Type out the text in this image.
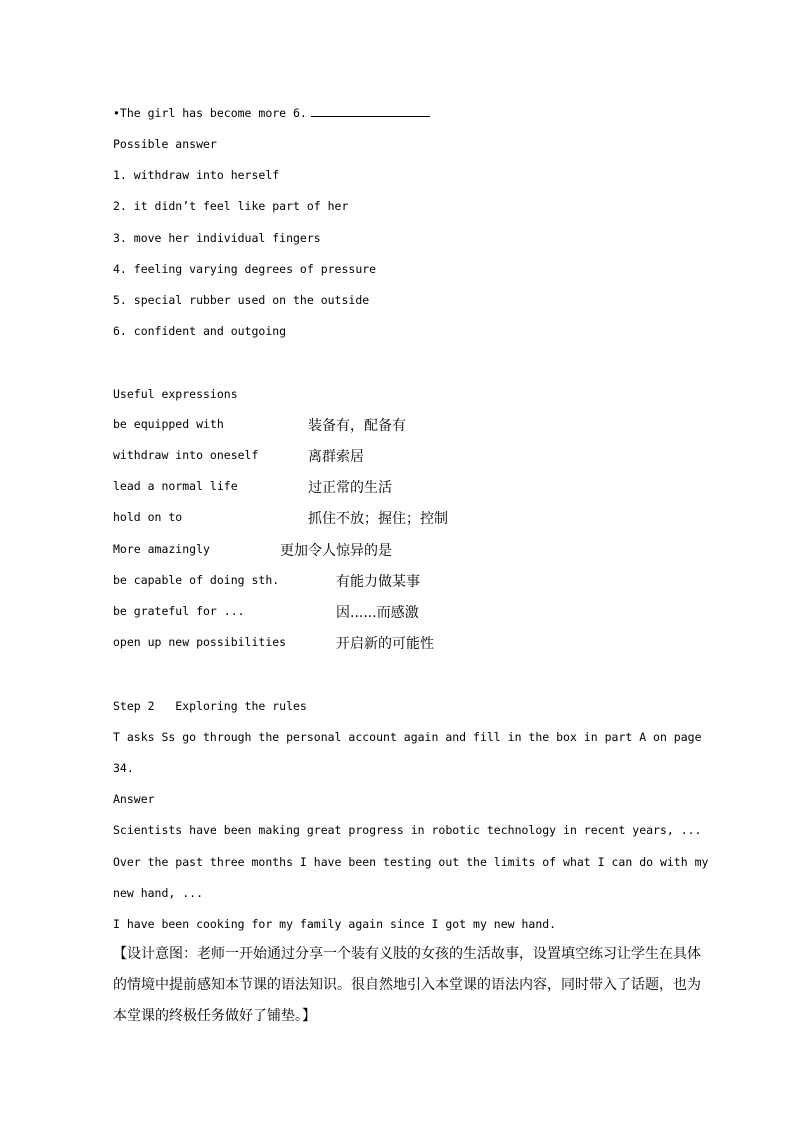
•The girl has become more 6.
Possible answer
1. withdraw into herself
2. it didn’t feel like part of her
3. move her individual fingers
4. feeling varying degrees of pressure
5. special rubber used on the outside
6. confident and outgoing
Useful expressions
be equipped with	装备有，配备有
withdraw into oneself	离群索居
lead a normal life	过正常的生活
hold on to	抓住不放；握住；控制
More amazingly	更加令人惊异的是
be capable of doing sth.	有能力做某事
be grateful for ...	因......而感激
open up new possibilities	开启新的可能性
Step 2   Exploring the rules
T asks Ss go through the personal account again and fill in the box in part A on page
34.
Answer
Scientists have been making great progress in robotic technology in recent years, ...
Over the past three months I have been testing out the limits of what I can do with my
new hand, ...
I have been cooking for my family again since I got my new hand.
【设计意图：老师一开始通过分享一个装有义肢的女孩的生活故事，设置填空练习让学生在具体的情境中提前感知本节课的语法知识。很自然地引入本堂课的语法内容，同时带入了话题，也为本堂课的终极任务做好了铺垫。】
